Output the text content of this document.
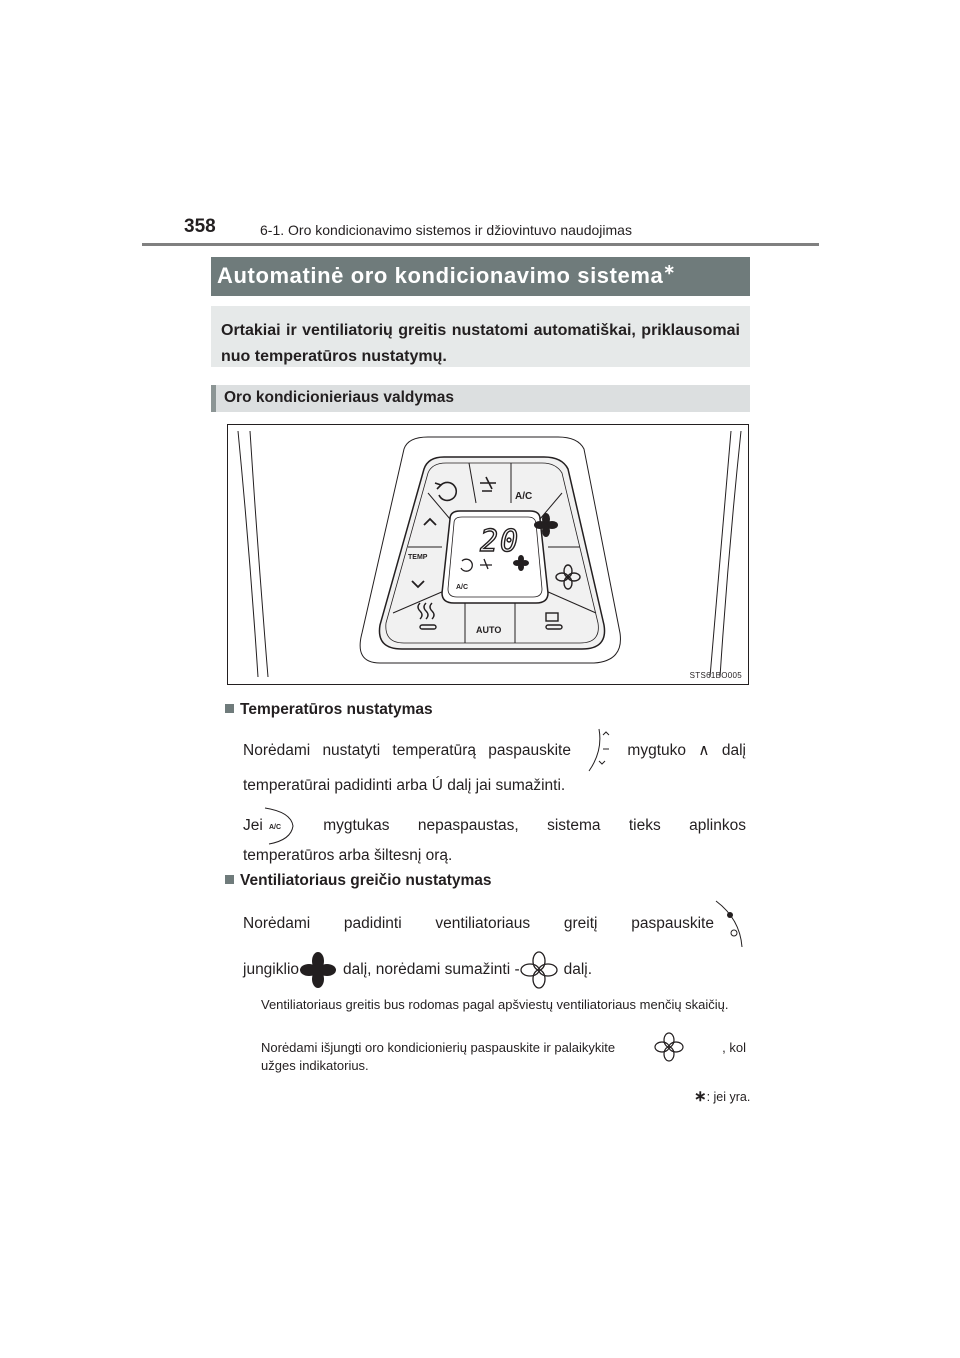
358	6-1. Oro kondicionavimo sistemos ir džiovintuvo naudojimas
Automatinė oro kondicionavimo sistema∗

Ortakiai ir ventiliatorių greitis nustatomi automatiškai, priklausomai nuo temperatūros nustatymų.

Oro kondicionieriaus valdymas
A/C
A/C
TEMP
AUTO
20
STS61BO005
Temperatūros nustatymas
Norėdami nustatyti temperatūrą paspauskite	mygtuko ∧ dalį
temperatūrai padidinti arba Ú dalį jai sumažinti.
Jei A/C	mygtukas nepaspaustas, sistema tieks aplinkos
temperatūros arba šiltesnį orą.
Ventiliatoriaus greičio nustatymas
Norėdami padidinti ventiliatoriaus greitį paspauskite
jungiklio	dalį, norėdami sumažinti -	dalį.
Ventiliatoriaus greitis bus rodomas pagal apšviestų ventiliatoriaus menčių skaičių.
Norėdami išjungti oro kondicionierių paspauskite ir palaikykite	, kol
užges indikatorius.
∗: jei yra.
